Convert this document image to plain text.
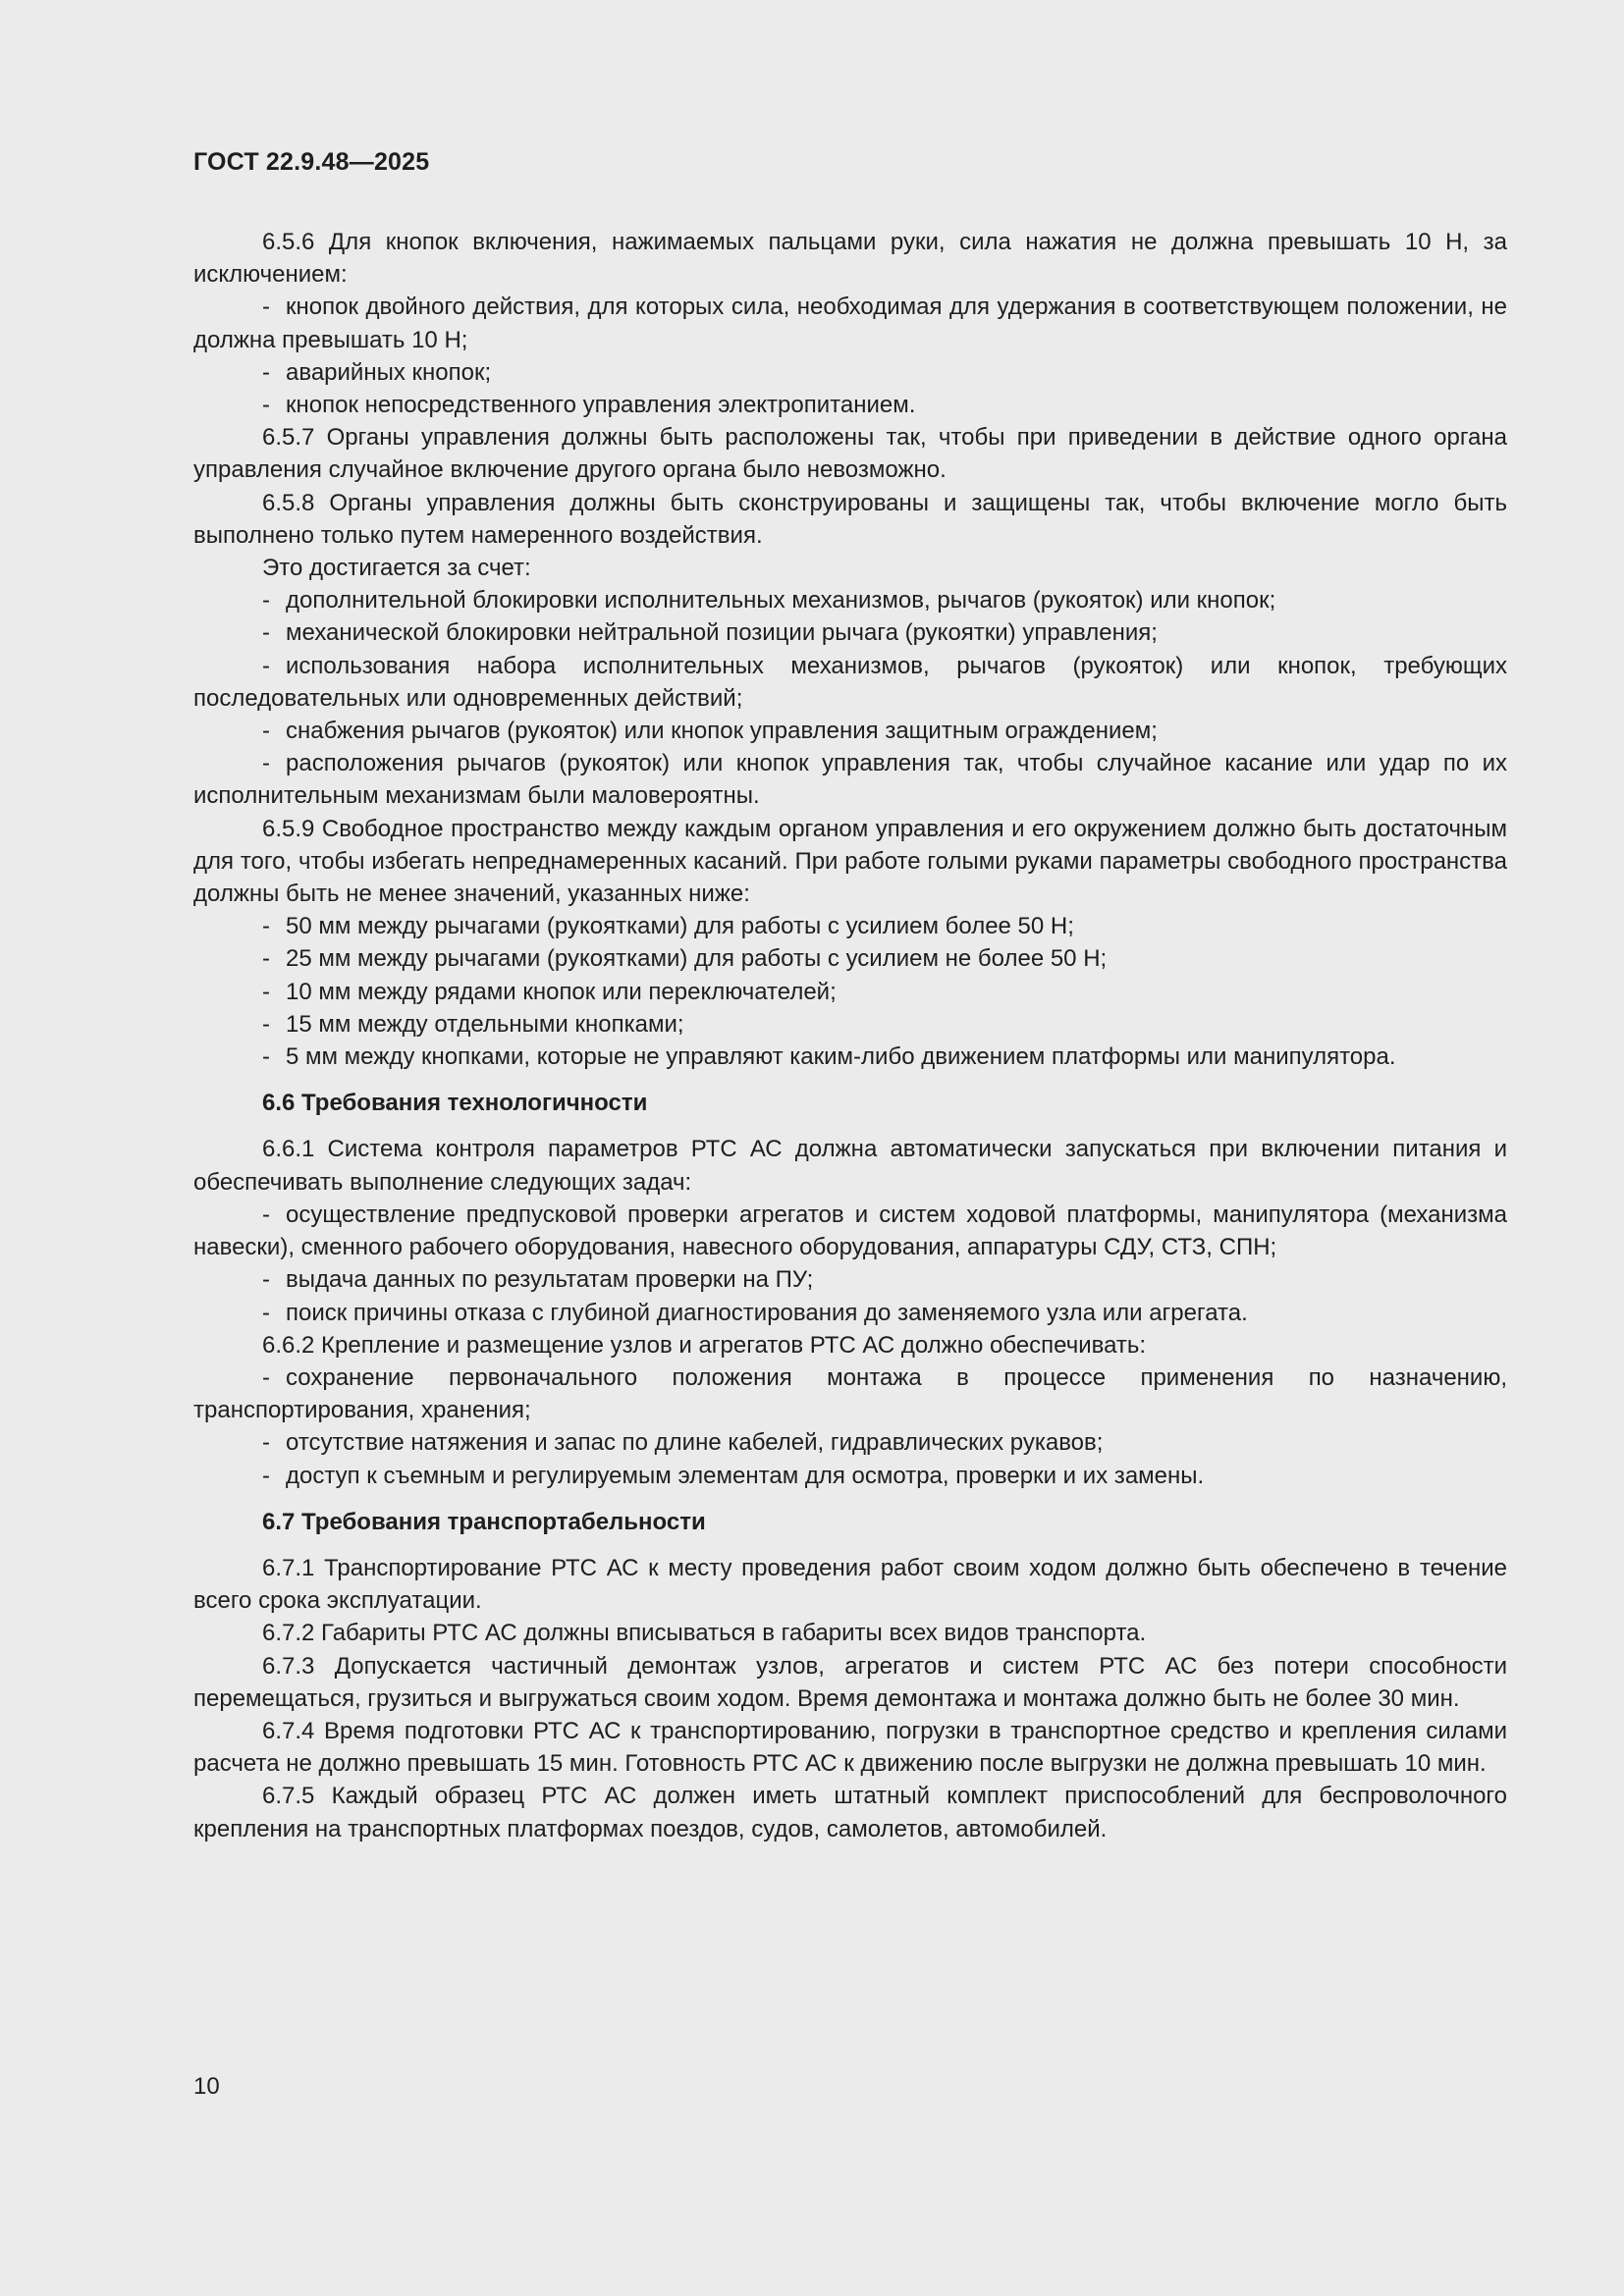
ГОСТ 22.9.48—2025

6.5.6 Для кнопок включения, нажимаемых пальцами руки, сила нажатия не должна превышать 10 Н, за исключением:

- кнопок двойного действия, для которых сила, необходимая для удержания в соответствующем положении, не должна превышать 10 Н;

- аварийных кнопок;

- кнопок непосредственного управления электропитанием.

6.5.7 Органы управления должны быть расположены так, чтобы при приведении в действие одного органа управления случайное включение другого органа было невозможно.

6.5.8 Органы управления должны быть сконструированы и защищены так, чтобы включение могло быть выполнено только путем намеренного воздействия.

Это достигается за счет:

- дополнительной блокировки исполнительных механизмов, рычагов (рукояток) или кнопок;

- механической блокировки нейтральной позиции рычага (рукоятки) управления;

- использования набора исполнительных механизмов, рычагов (рукояток) или кнопок, требующих последовательных или одновременных действий;

- снабжения рычагов (рукояток) или кнопок управления защитным ограждением;

- расположения рычагов (рукояток) или кнопок управления так, чтобы случайное касание или удар по их исполнительным механизмам были маловероятны.

6.5.9 Свободное пространство между каждым органом управления и его окружением должно быть достаточным для того, чтобы избегать непреднамеренных касаний. При работе голыми руками параметры свободного пространства должны быть не менее значений, указанных ниже:

- 50 мм между рычагами (рукоятками) для работы с усилием более 50 Н;

- 25 мм между рычагами (рукоятками) для работы с усилием не более 50 Н;

- 10 мм между рядами кнопок или переключателей;

- 15 мм между отдельными кнопками;

- 5 мм между кнопками, которые не управляют каким-либо движением платформы или манипулятора.

6.6 Требования технологичности

6.6.1 Система контроля параметров РТС АС должна автоматически запускаться при включении питания и обеспечивать выполнение следующих задач:

- осуществление предпусковой проверки агрегатов и систем ходовой платформы, манипулятора (механизма навески), сменного рабочего оборудования, навесного оборудования, аппаратуры СДУ, СТЗ, СПН;

- выдача данных по результатам проверки на ПУ;

- поиск причины отказа с глубиной диагностирования до заменяемого узла или агрегата.

6.6.2 Крепление и размещение узлов и агрегатов РТС АС должно обеспечивать:

- сохранение первоначального положения монтажа в процессе применения по назначению, транспортирования, хранения;

- отсутствие натяжения и запас по длине кабелей, гидравлических рукавов;

- доступ к съемным и регулируемым элементам для осмотра, проверки и их замены.

6.7 Требования транспортабельности

6.7.1 Транспортирование РТС АС к месту проведения работ своим ходом должно быть обеспечено в течение всего срока эксплуатации.

6.7.2 Габариты РТС АС должны вписываться в габариты всех видов транспорта.

6.7.3 Допускается частичный демонтаж узлов, агрегатов и систем РТС АС без потери способности перемещаться, грузиться и выгружаться своим ходом. Время демонтажа и монтажа должно быть не более 30 мин.

6.7.4 Время подготовки РТС АС к транспортированию, погрузки в транспортное средство и крепления силами расчета не должно превышать 15 мин. Готовность РТС АС к движению после выгрузки не должна превышать 10 мин.

6.7.5 Каждый образец РТС АС должен иметь штатный комплект приспособлений для беспроволочного крепления на транспортных платформах поездов, судов, самолетов, автомобилей.

10
